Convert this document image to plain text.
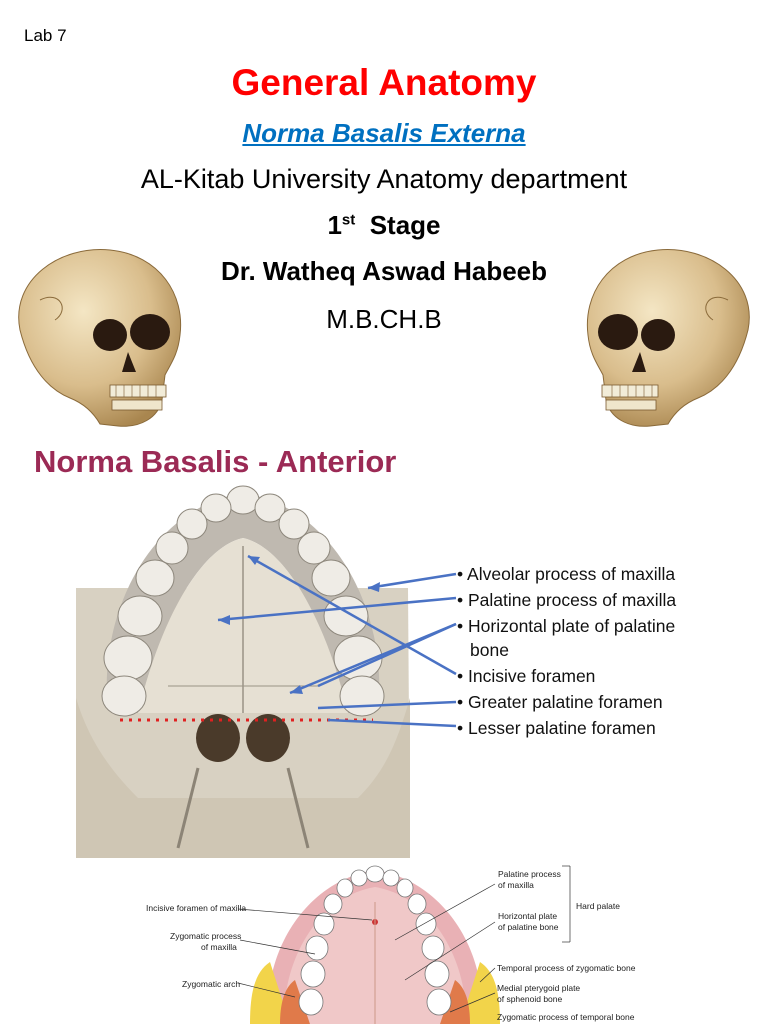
Lab 7
General Anatomy
Norma Basalis Externa
AL-Kitab University Anatomy department
1st Stage
Dr. Watheq Aswad Habeeb
M.B.CH.B
Norma Basalis - Anterior
• Alveolar process of maxilla
• Palatine process of maxilla
• Horizontal plate of palatine
bone
• Incisive foramen
• Greater palatine foramen
• Lesser palatine foramen
Incisive foramen of maxilla
Zygomatic process
of maxilla
Zygomatic arch
Palatine process
of maxilla
Horizontal plate
of palatine bone
Hard palate
Temporal process of zygomatic bone
Medial pterygoid plate
of sphenoid bone
Zygomatic process of temporal bone
